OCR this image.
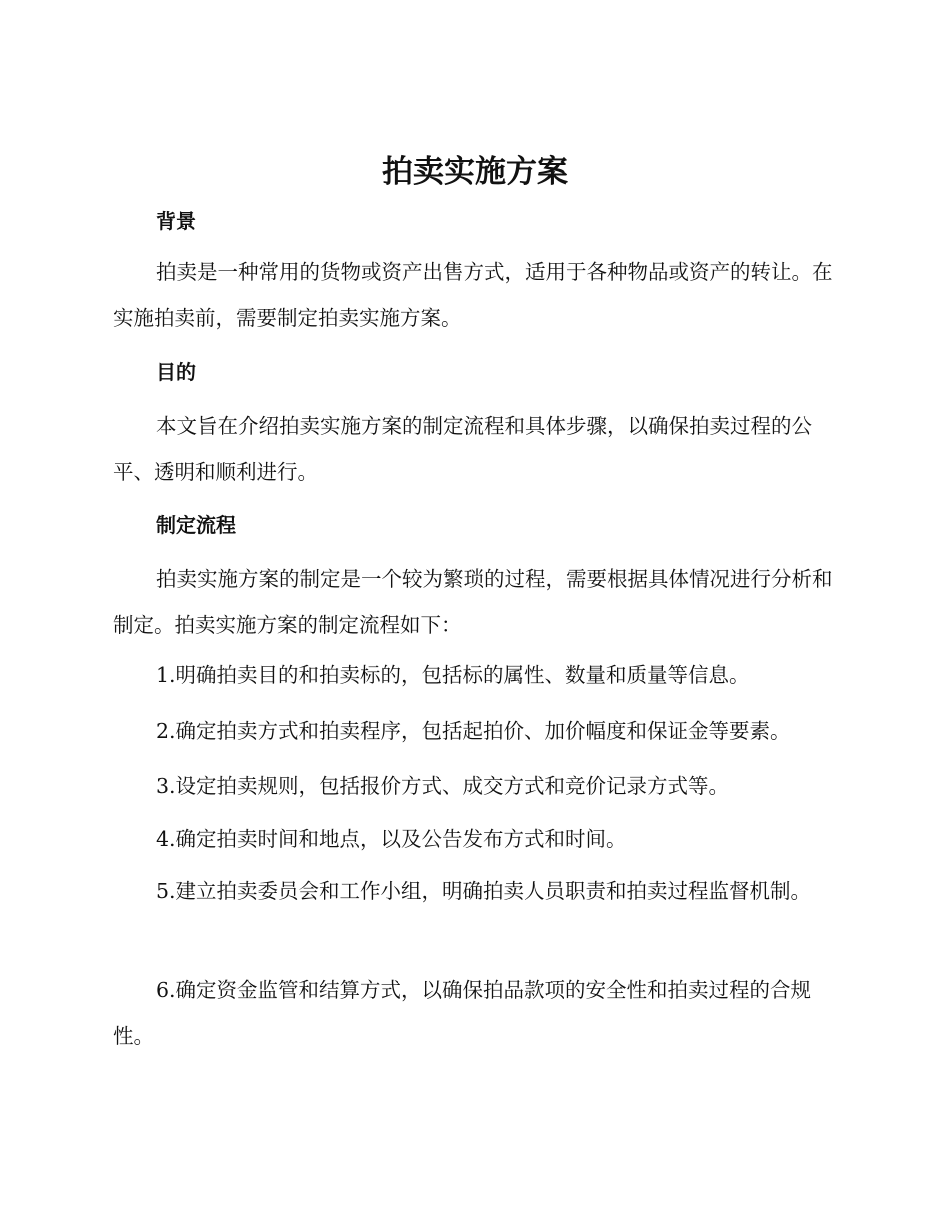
拍卖实施方案
背景

拍卖是一种常用的货物或资产出售方式，适用于各种物品或资产的转让。在实施拍卖前，需要制定拍卖实施方案。

目的

本文旨在介绍拍卖实施方案的制定流程和具体步骤，以确保拍卖过程的公平、透明和顺利进行。

制定流程

拍卖实施方案的制定是一个较为繁琐的过程，需要根据具体情况进行分析和制定。拍卖实施方案的制定流程如下：

1.明确拍卖目的和拍卖标的，包括标的属性、数量和质量等信息。

2.确定拍卖方式和拍卖程序，包括起拍价、加价幅度和保证金等要素。

3.设定拍卖规则，包括报价方式、成交方式和竞价记录方式等。

4.确定拍卖时间和地点，以及公告发布方式和时间。

5.建立拍卖委员会和工作小组，明确拍卖人员职责和拍卖过程监督机制。

6.确定资金监管和结算方式，以确保拍品款项的安全性和拍卖过程的合规性。
